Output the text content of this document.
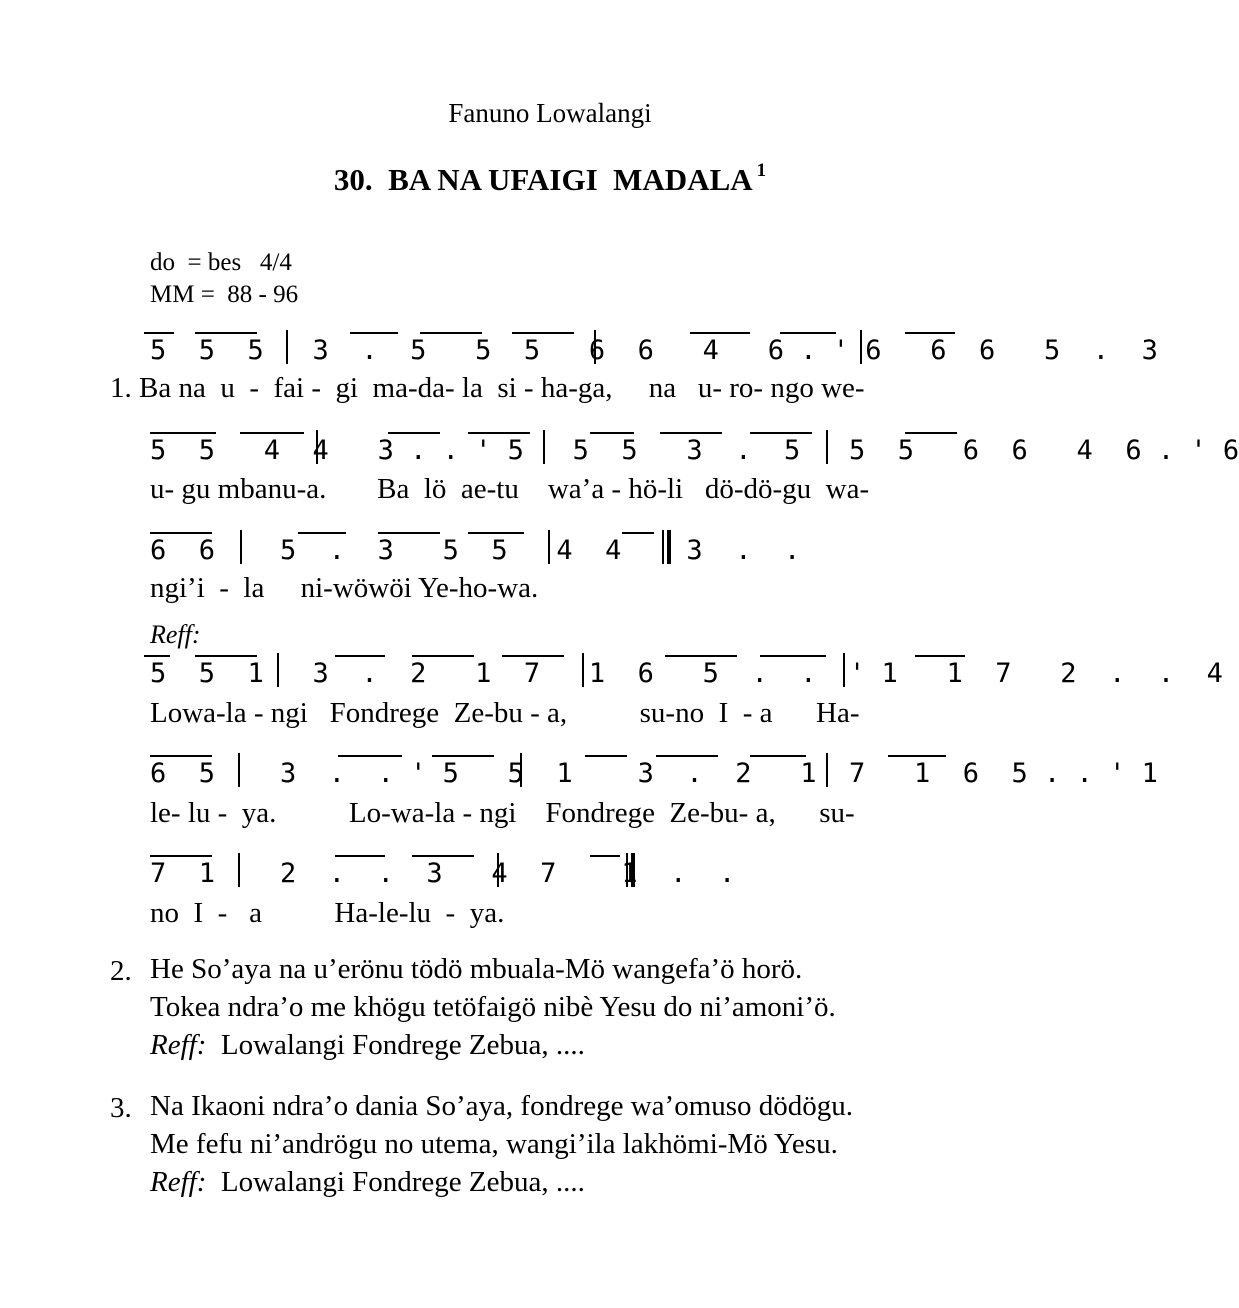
Fanuno Lowalangi
30.  BA NA UFAIGI  MADALA $^1$
do  = bes   4/4
MM =  88 - 96
5  5  5   3  .  5   5  5   6  6   4   6 . ' 6   6  6   5  .  3
1. Ba na  u  -  fai -  gi  ma-da- la  si - ha-ga,     na   u- ro- ngo we-
5  5   4  4   3 . . ' 5   5  5   3  .  5   5  5   6  6   4  6 . ' 6
u- gu mbanu-a.       Ba  lö  ae-tu    wa’a - hö-li   dö-dö-gu  wa-
6  6    5  .  3   5  5   4  4    3  .  .
ngi’i  -  la     ni-wöwöi Ye-ho-wa.
Reff:
5  5  1   3  .  2   1  7   1  6   5  .  .  ' 1   1  7   2  .  .  4
Lowa-la - ngi   Fondrege  Ze-bu - a,          su-no  I  - a      Ha-
6  5    3  .  . ' 5   5  1    3  .  2   1  7   1  6  5 . . ' 1
le- lu -  ya.          Lo-wa-la - ngi    Fondrege  Ze-bu- a,      su-
7  1    2  .  .  3   4  7    1  .  .
no  I  -   a          Ha-le-lu  -  ya.
2. He So’aya na u’erönu tödö mbuala-Mö wangefa’ö horö.
Tokea ndra’o me khögu tetöfaigö nibè Yesu do ni’amoni’ö.
Reff:  Lowalangi Fondrege Zebua, ....
3. Na Ikaoni ndra’o dania So’aya, fondrege wa’omuso dödögu.
Me fefu ni’andrögu no utema, wangi’ila lakhömi-Mö Yesu.
Reff:  Lowalangi Fondrege Zebua, ....
